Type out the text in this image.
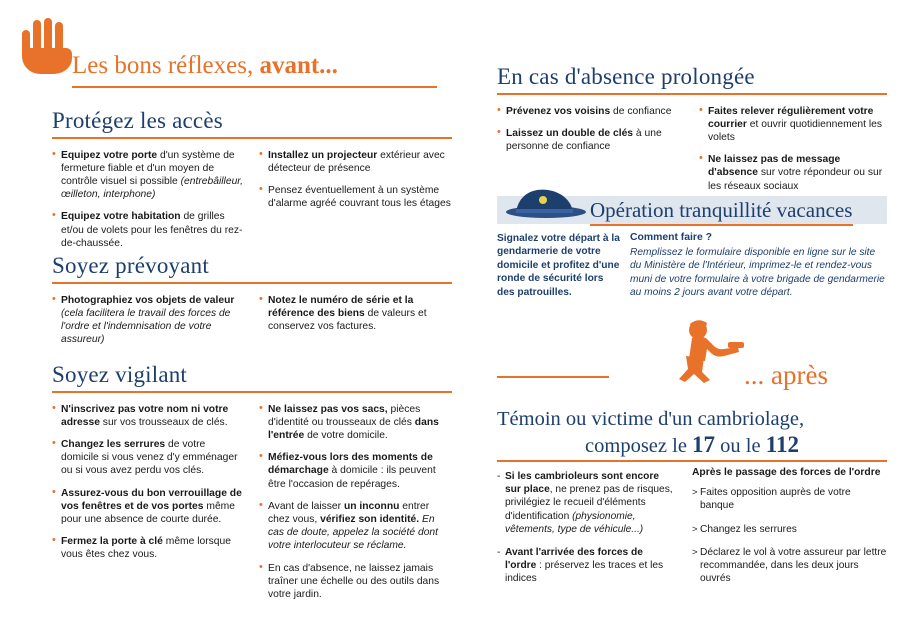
Les bons réflexes, avant...
Protégez les accès
• Equipez votre porte d'un système de fermeture fiable et d'un moyen de contrôle visuel si possible (entrebâilleur, œilleton, interphone)
• Equipez votre habitation de grilles et/ou de volets pour les fenêtres du rez-de-chaussée.
• Installez un projecteur extérieur avec détecteur de présence
• Pensez éventuellement à un système d'alarme agréé couvrant tous les étages
Soyez prévoyant
• Photographiez vos objets de valeur (cela facilitera le travail des forces de l'ordre et l'indemnisation de votre assureur)
• Notez le numéro de série et la référence des biens de valeurs et conservez vos factures.
Soyez vigilant
• N'inscrivez pas votre nom ni votre adresse sur vos trousseaux de clés.
• Changez les serrures de votre domicile si vous venez d'y emménager ou si vous avez perdu vos clés.
• Assurez-vous du bon verrouillage de vos fenêtres et de vos portes même pour une absence de courte durée.
• Fermez la porte à clé même lorsque vous êtes chez vous.
• Ne laissez pas vos sacs, pièces d'identité ou trousseaux de clés dans l'entrée de votre domicile.
• Méfiez-vous lors des moments de démarchage à domicile : ils peuvent être l'occasion de repérages.
• Avant de laisser un inconnu entrer chez vous, vérifiez son identité. En cas de doute, appelez la société dont votre interlocuteur se réclame.
• En cas d'absence, ne laissez jamais traîner une échelle ou des outils dans votre jardin.
En cas d'absence prolongée
• Prévenez vos voisins de confiance
• Laissez un double de clés à une personne de confiance
• Faites relever régulièrement votre courrier et ouvrir quotidiennement les volets
• Ne laissez pas de message d'absence sur votre répondeur ou sur les réseaux sociaux
Opération tranquillité vacances
Signalez votre départ à la gendarmerie de votre domicile et profitez d'une ronde de sécurité lors des patrouilles.
Comment faire ?
Remplissez le formulaire disponible en ligne sur le site du Ministère de l'Intérieur, imprimez-le et rendez-vous muni de votre formulaire à votre brigade de gendarmerie au moins 2 jours avant votre départ.
... après
Témoin ou victime d'un cambriolage,
composez le 17 ou le 112
- Si les cambrioleurs sont encore sur place, ne prenez pas de risques, privilégiez le recueil d'éléments d'identification (physionomie, vêtements, type de véhicule...)
- Avant l'arrivée des forces de l'ordre : préservez les traces et les indices
Après le passage des forces de l'ordre
> Faites opposition auprès de votre banque
> Changez les serrures
> Déclarez le vol à votre assureur par lettre recommandée, dans les deux jours ouvrés
